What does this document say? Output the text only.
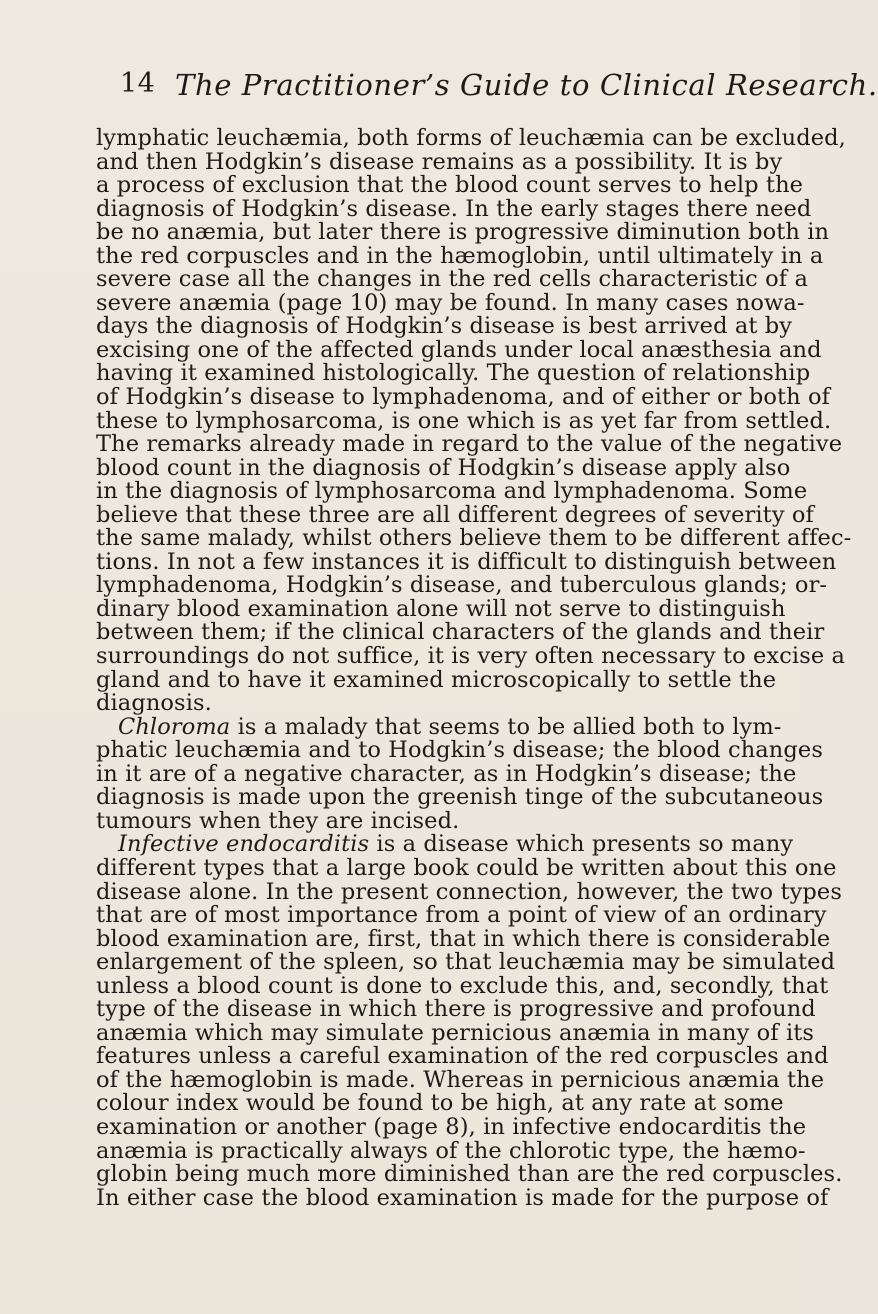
14 The Practitioner’s Guide to Clinical Research.
lymphatic leuchæmia, both forms of leuchæmia can be excluded,
and then Hodgkin’s disease remains as a possibility. It is by
a process of exclusion that the blood count serves to help the
diagnosis of Hodgkin’s disease. In the early stages there need
be no anæmia, but later there is progressive diminution both in
the red corpuscles and in the hæmoglobin, until ultimately in a
severe case all the changes in the red cells characteristic of a
severe anæmia (page 10) may be found. In many cases nowa-
days the diagnosis of Hodgkin’s disease is best arrived at by
excising one of the affected glands under local anæsthesia and
having it examined histologically. The question of relationship
of Hodgkin’s disease to lymphadenoma, and of either or both of
these to lymphosarcoma, is one which is as yet far from settled.
The remarks already made in regard to the value of the negative
blood count in the diagnosis of Hodgkin’s disease apply also
in the diagnosis of lymphosarcoma and lymphadenoma. Some
believe that these three are all different degrees of severity of
the same malady, whilst others believe them to be different affec-
tions. In not a few instances it is difficult to distinguish between
lymphadenoma, Hodgkin’s disease, and tuberculous glands; or-
dinary blood examination alone will not serve to distinguish
between them; if the clinical characters of the glands and their
surroundings do not suffice, it is very often necessary to excise a
gland and to have it examined microscopically to settle the
diagnosis.
Chloroma is a malady that seems to be allied both to lym-
phatic leuchæmia and to Hodgkin’s disease; the blood changes
in it are of a negative character, as in Hodgkin’s disease; the
diagnosis is made upon the greenish tinge of the subcutaneous
tumours when they are incised.
Infective endocarditis is a disease which presents so many
different types that a large book could be written about this one
disease alone. In the present connection, however, the two types
that are of most importance from a point of view of an ordinary
blood examination are, first, that in which there is considerable
enlargement of the spleen, so that leuchæmia may be simulated
unless a blood count is done to exclude this, and, secondly, that
type of the disease in which there is progressive and profound
anæmia which may simulate pernicious anæmia in many of its
features unless a careful examination of the red corpuscles and
of the hæmoglobin is made. Whereas in pernicious anæmia the
colour index would be found to be high, at any rate at some
examination or another (page 8), in infective endocarditis the
anæmia is practically always of the chlorotic type, the hæmo-
globin being much more diminished than are the red corpuscles.
In either case the blood examination is made for the purpose of
